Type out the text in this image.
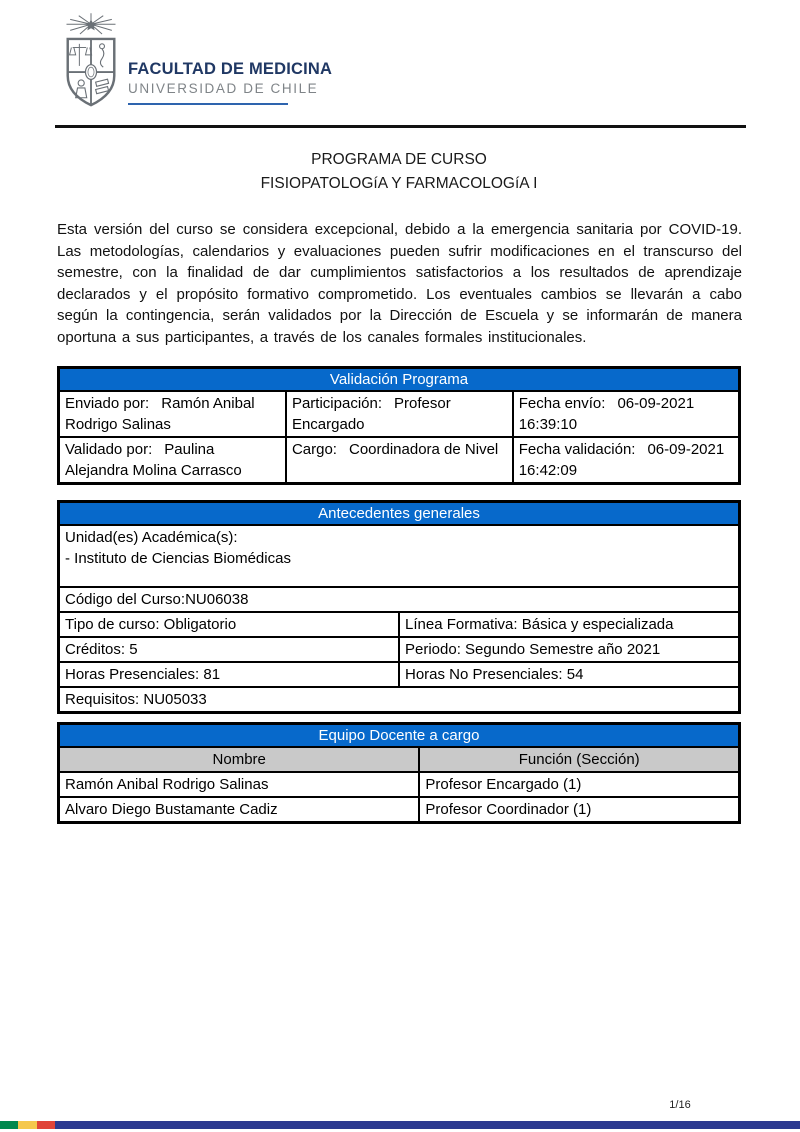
FACULTAD DE MEDICINA
UNIVERSIDAD DE CHILE
PROGRAMA DE CURSO
FISIOPATOLOGíA Y FARMACOLOGíA I
Esta versión del curso se considera excepcional, debido a la emergencia sanitaria por COVID-19. Las metodologías, calendarios y evaluaciones pueden sufrir modificaciones en el transcurso del semestre, con la finalidad de dar cumplimientos satisfactorios a los resultados de aprendizaje declarados y el propósito formativo comprometido. Los eventuales cambios se llevarán a cabo según la contingencia, serán validados por la Dirección de Escuela y se informarán de manera oportuna a sus participantes, a través de los canales formales institucionales.
Validación Programa		
Enviado por: Ramón Anibal Rodrigo Salinas	Participación: Profesor Encargado	Fecha envío: 06-09-2021 16:39:10
Validado por: Paulina Alejandra Molina Carrasco	Cargo: Coordinadora de Nivel	Fecha validación: 06-09-2021 16:42:09
Antecedentes generales	

Unidad(es) Académica(s):
- Instituto de Ciencias Biomédicas	

Código del Curso:NU06038	
Tipo de curso: Obligatorio	Línea Formativa: Básica y especializada
Créditos: 5	Periodo: Segundo Semestre año 2021
Horas Presenciales: 81	Horas No Presenciales: 54
Requisitos: NU05033	
Equipo Docente a cargo	
Nombre	Función (Sección)
Ramón Anibal Rodrigo Salinas	Profesor Encargado (1)
Alvaro Diego Bustamante Cadiz	Profesor Coordinador (1)
1/16
